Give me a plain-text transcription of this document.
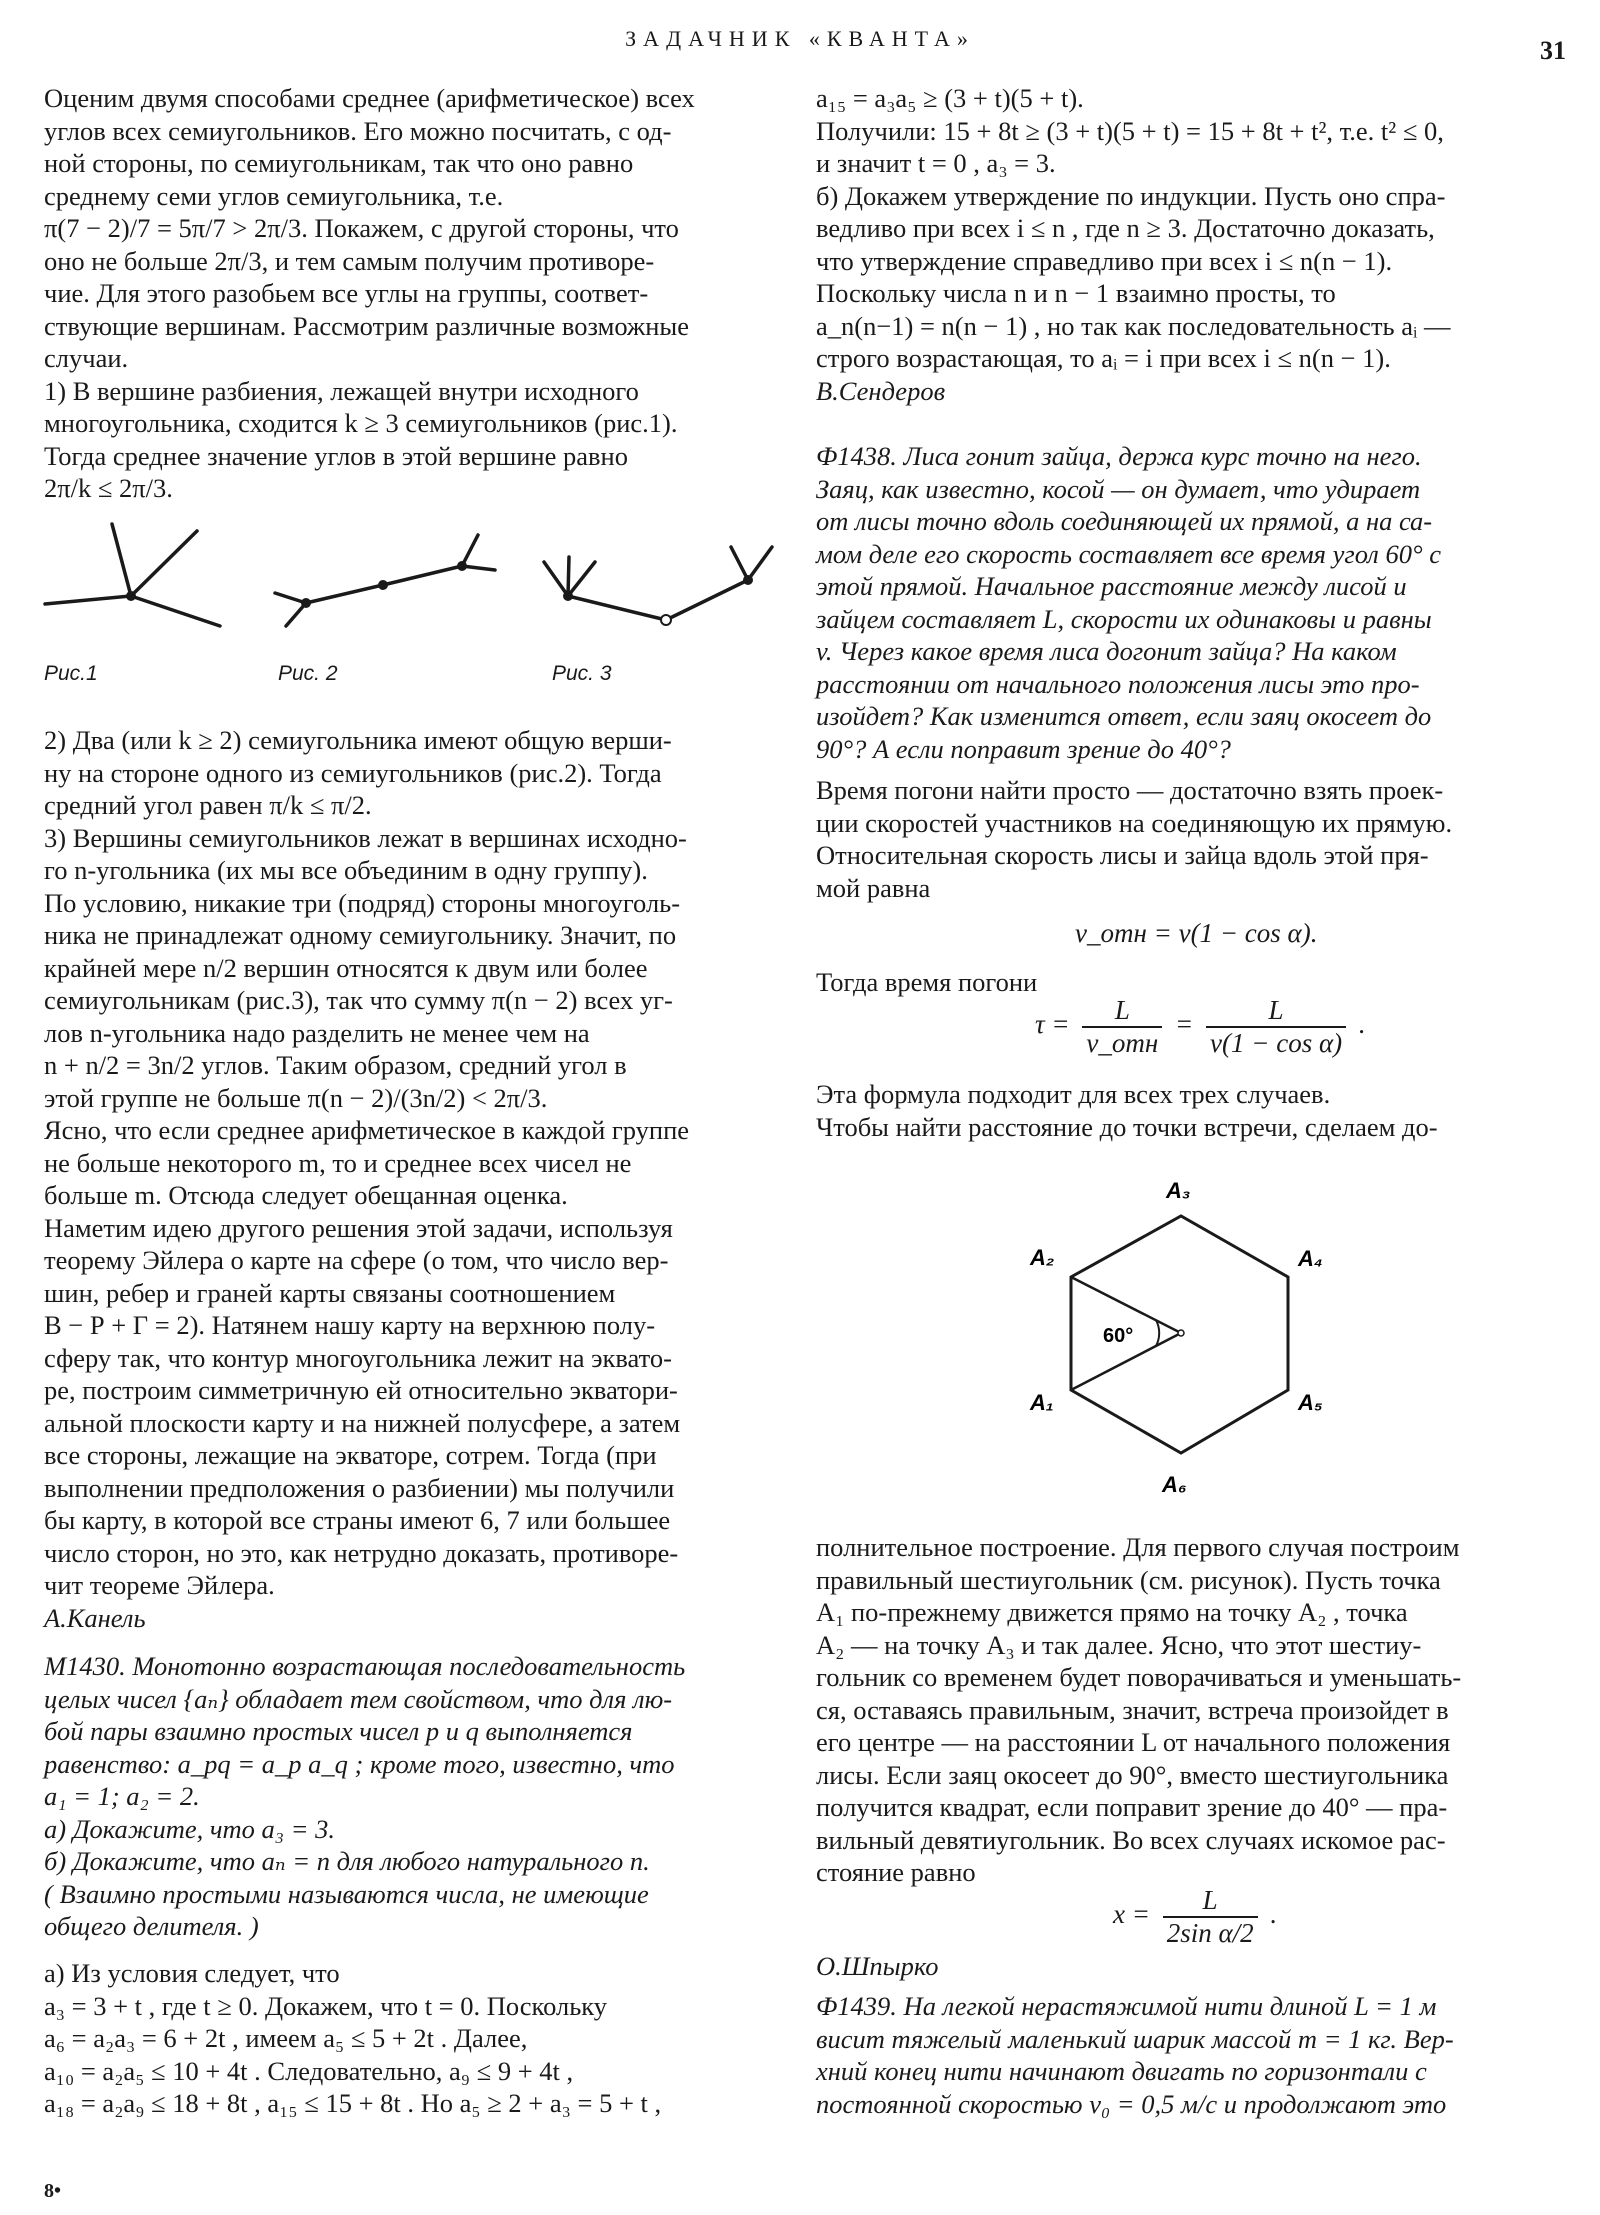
ЗАДАЧНИК «КВАНТА»	31
Оценим двумя способами среднее (арифметическое) всех
углов всех семиугольников. Его можно посчитать, с од-
ной стороны, по семиугольникам, так что оно равно
среднему семи углов семиугольника, т.е.
π(7 − 2)/7 = 5π/7 > 2π/3. Покажем, с другой стороны, что
оно не больше 2π/3, и тем самым получим противоре-
чие. Для этого разобьем все углы на группы, соответ-
ствующие вершинам. Рассмотрим различные возможные
случаи.
1) В вершине разбиения, лежащей внутри исходного
многоугольника, сходится k ≥ 3 семиугольников (рис.1).
Тогда среднее значение углов в этой вершине равно
2π/k ≤ 2π/3.
Рис.1	Рис. 2	Рис. 3
2) Два (или k ≥ 2) семиугольника имеют общую верши-
ну на стороне одного из семиугольников (рис.2). Тогда
средний угол равен π/k ≤ π/2.
3) Вершины семиугольников лежат в вершинах исходно-
го n-угольника (их мы все объединим в одну группу).
По условию, никакие три (подряд) стороны многоуголь-
ника не принадлежат одному семиугольнику. Значит, по
крайней мере n/2 вершин относятся к двум или более
семиугольникам (рис.3), так что сумму π(n − 2) всех уг-
лов n-угольника надо разделить не менее чем на
n + n/2 = 3n/2 углов. Таким образом, средний угол в
этой группе не больше π(n − 2)/(3n/2) < 2π/3.
Ясно, что если среднее арифметическое в каждой группе
не больше некоторого m, то и среднее всех чисел не
больше m. Отсюда следует обещанная оценка.
Наметим идею другого решения этой задачи, используя
теорему Эйлера о карте на сфере (о том, что число вер-
шин, ребер и граней карты связаны соотношением
В − Р + Г = 2). Натянем нашу карту на верхнюю полу-
сферу так, что контур многоугольника лежит на эквато-
ре, построим симметричную ей относительно экватори-
альной плоскости карту и на нижней полусфере, а затем
все стороны, лежащие на экваторе, сотрем. Тогда (при
выполнении предположения о разбиении) мы получили
бы карту, в которой все страны имеют 6, 7 или большее
число сторон, но это, как нетрудно доказать, противоре-
чит теореме Эйлера.
А.Канель
М1430. Монотонно возрастающая последовательность
целых чисел {aₙ} обладает тем свойством, что для лю-
бой пары взаимно простых чисел p и q выполняется
равенство: a_pq = a_p a_q ; кроме того, известно, что
a₁ = 1; a₂ = 2.
а) Докажите, что a₃ = 3.
б) Докажите, что aₙ = n для любого натурального n.
( Взаимно простыми называются числа, не имеющие
общего делителя. )
а) Из условия следует, что
a₃ = 3 + t , где t ≥ 0. Докажем, что t = 0. Поскольку
a₆ = a₂a₃ = 6 + 2t , имеем a₅ ≤ 5 + 2t . Далее,
a₁₀ = a₂a₅ ≤ 10 + 4t . Следовательно, a₉ ≤ 9 + 4t ,
a₁₈ = a₂a₉ ≤ 18 + 8t , a₁₅ ≤ 15 + 8t . Но a₅ ≥ 2 + a₃ = 5 + t ,
8•
a₁₅ = a₃a₅ ≥ (3 + t)(5 + t).
Получили: 15 + 8t ≥ (3 + t)(5 + t) = 15 + 8t + t², т.е. t² ≤ 0,
и значит t = 0 , a₃ = 3.
б) Докажем утверждение по индукции. Пусть оно спра-
ведливо при всех i ≤ n , где n ≥ 3. Достаточно доказать,
что утверждение справедливо при всех i ≤ n(n − 1).
Поскольку числа n и n − 1 взаимно просты, то
a_n(n−1) = n(n − 1) , но так как последовательность aᵢ —
строго возрастающая, то aᵢ = i при всех i ≤ n(n − 1).
В.Сендеров
Ф1438. Лиса гонит зайца, держа курс точно на него.
Заяц, как известно, косой — он думает, что удирает
от лисы точно вдоль соединяющей их прямой, а на са-
мом деле его скорость составляет все время угол 60° с
этой прямой. Начальное расстояние между лисой и
зайцем составляет L, скорости их одинаковы и равны
v. Через какое время лиса догонит зайца? На каком
расстоянии от начального положения лисы это про-
изойдет? Как изменится ответ, если заяц окосеет до
90°? А если поправит зрение до 40°?
Время погони найти просто — достаточно взять проек-
ции скоростей участников на соединяющую их прямую.
Относительная скорость лисы и зайца вдоль этой пря-
мой равна
v_отн = v(1 − cos α).
Тогда время погони
$\tau = \frac{L}{\text{v\_отн}} = \frac{L}{\text{v(1 − cos α)}}$ .
Эта формула подходит для всех трех случаев.
Чтобы найти расстояние до точки встречи, сделаем до-
A₁
A₂
A₃
A₄
A₅
A₆
60°
полнительное построение. Для первого случая построим
правильный шестиугольник (см. рисунок). Пусть точка
A₁ по-прежнему движется прямо на точку A₂ , точка
A₂ — на точку A₃ и так далее. Ясно, что этот шестиу-
гольник со временем будет поворачиваться и уменьшать-
ся, оставаясь правильным, значит, встреча произойдет в
его центре — на расстоянии L от начального положения
лисы. Если заяц окосеет до 90°, вместо шестиугольника
получится квадрат, если поправит зрение до 40° — пра-
вильный девятиугольник. Во всех случаях искомое рас-
стояние равно
$x = \frac{L}{\text{2sin α/2}}$ .
О.Шпырко
Ф1439. На легкой нерастяжимой нити длиной L = 1 м
висит тяжелый маленький шарик массой m = 1 кг. Вер-
хний конец нити начинают двигать по горизонтали с
постоянной скоростью v₀ = 0,5 м/с и продолжают это
